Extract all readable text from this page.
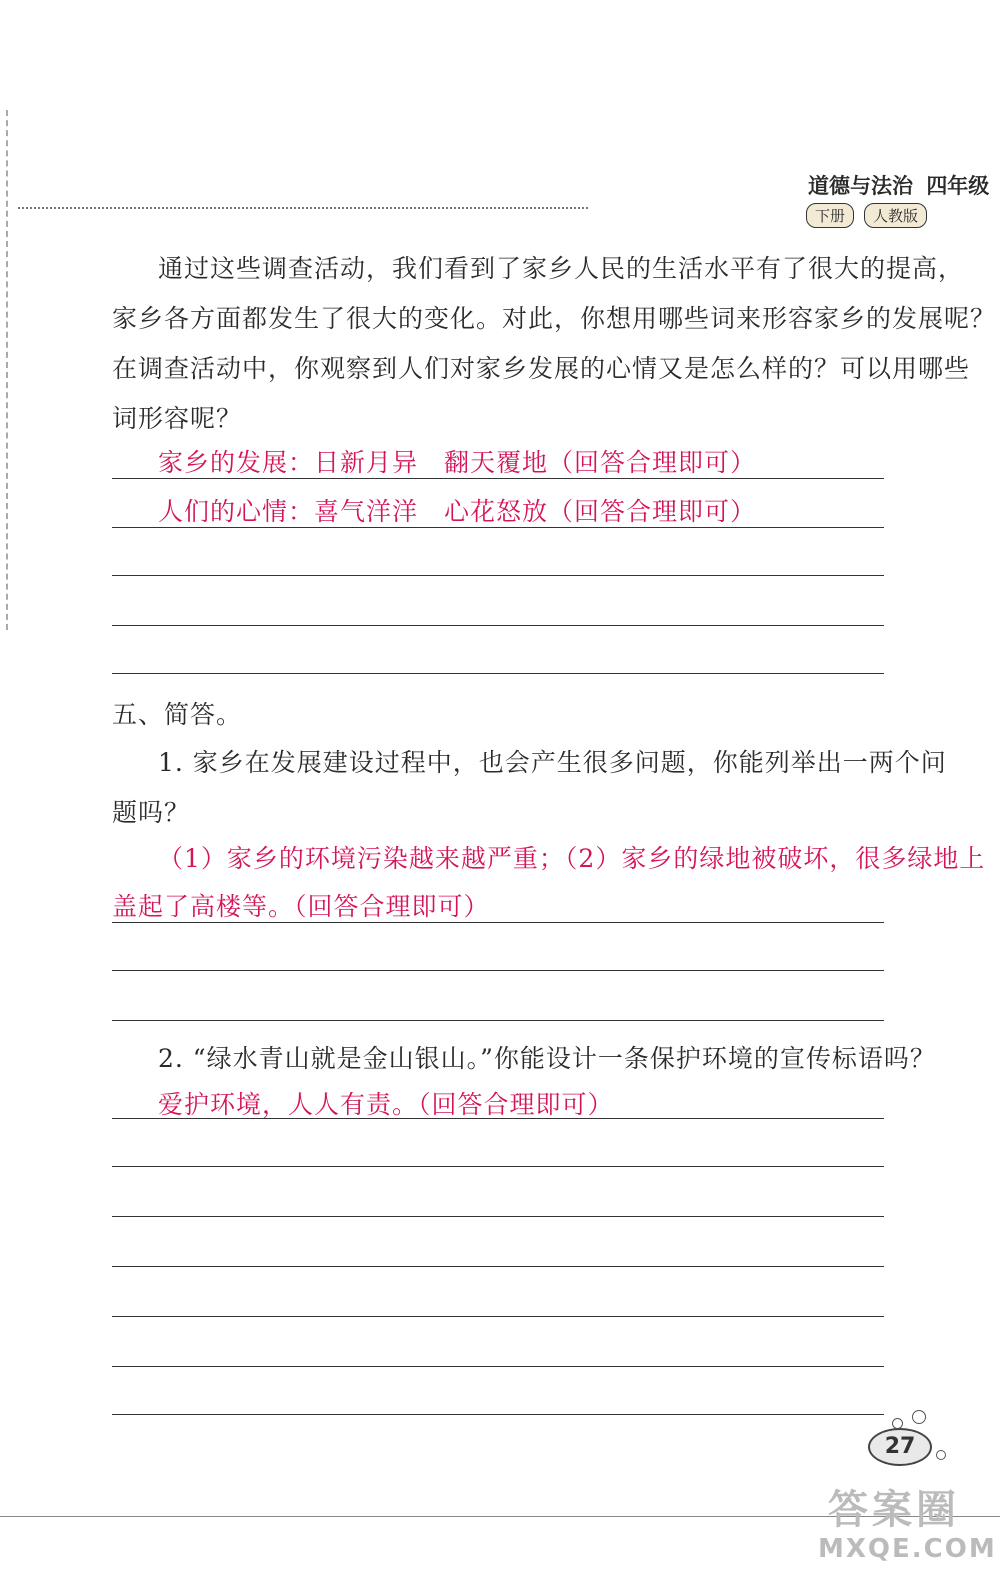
道德与法治 四年级
下册	人教版
通过这些调查活动，我们看到了家乡人民的生活水平有了很大的提高，
家乡各方面都发生了很大的变化。对此，你想用哪些词来形容家乡的发展呢？
在调查活动中，你观察到人们对家乡发展的心情又是怎么样的？可以用哪些
词形容呢？
家乡的发展：日新月异　翻天覆地（回答合理即可）
人们的心情：喜气洋洋　心花怒放（回答合理即可）
五、简答。
1. 家乡在发展建设过程中，也会产生很多问题，你能列举出一两个问
题吗？
（1）家乡的环境污染越来越严重；（2）家乡的绿地被破坏，很多绿地上
盖起了高楼等。（回答合理即可）
2. “绿水青山就是金山银山。”你能设计一条保护环境的宣传标语吗？
爱护环境，人人有责。（回答合理即可）
27
答案圈
MXQE.COM
